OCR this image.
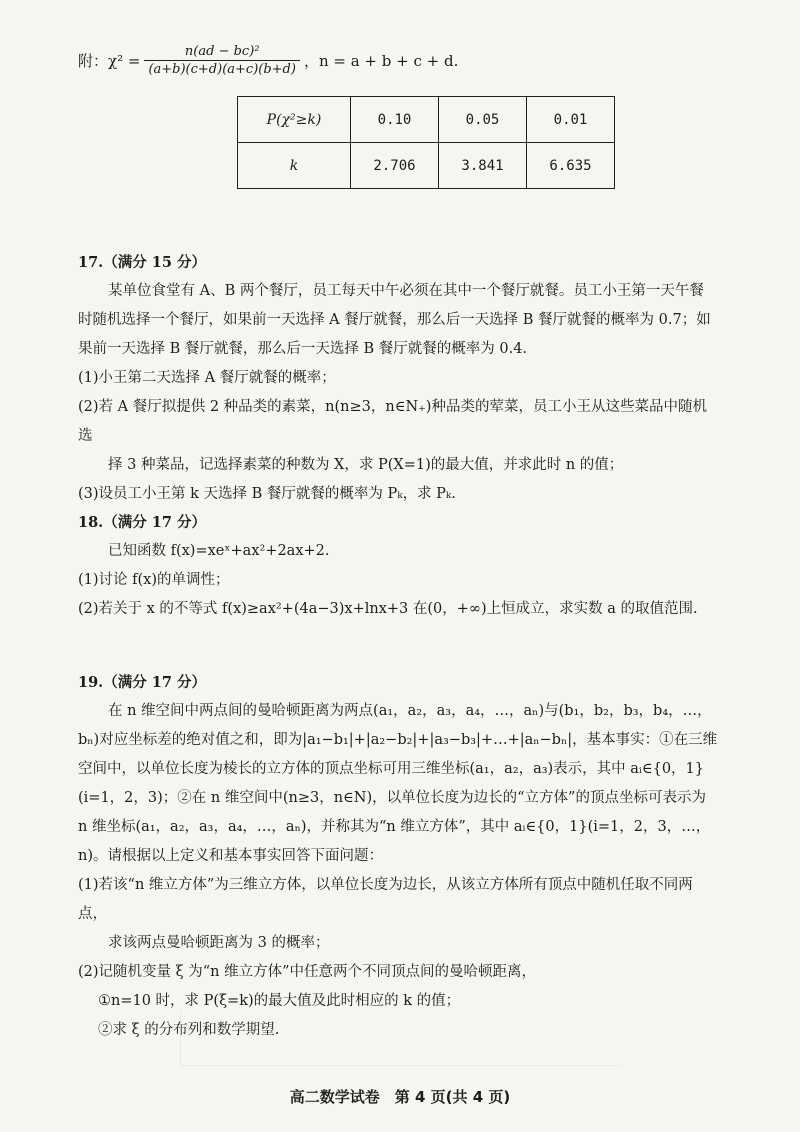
附：$\chi^2 = \frac{\text{n(ad − bc)²}}{(a+b)(c+d)(a+c)(b+d)}$ ，n = a + b + c + d.
P(χ²≥k)	0.10	0.05	0.01
k	2.706	3.841	6.635
17.（满分 15 分）
某单位食堂有 A、B 两个餐厅，员工每天中午必须在其中一个餐厅就餐。员工小王第一天午餐时随机选择一个餐厅，如果前一天选择 A 餐厅就餐，那么后一天选择 B 餐厅就餐的概率为 0.7；如果前一天选择 B 餐厅就餐，那么后一天选择 B 餐厅就餐的概率为 0.4.
(1)小王第二天选择 A 餐厅就餐的概率；
(2)若 A 餐厅拟提供 2 种品类的素菜，n(n≥3，n∈N₊)种品类的荤菜，员工小王从这些菜品中随机选
择 3 种菜品，记选择素菜的种数为 X，求 P(X=1)的最大值，并求此时 n 的值；
(3)设员工小王第 k 天选择 B 餐厅就餐的概率为 Pₖ，求 Pₖ.
18.（满分 17 分）
已知函数 f(x)=xeˣ+ax²+2ax+2.
(1)讨论 f(x)的单调性；
(2)若关于 x 的不等式 f(x)≥ax²+(4a−3)x+lnx+3 在(0，+∞)上恒成立，求实数 a 的取值范围.
19.（满分 17 分）
在 n 维空间中两点间的曼哈顿距离为两点(a₁，a₂，a₃，a₄，…，aₙ)与(b₁，b₂，b₃，b₄，…，bₙ)对应坐标差的绝对值之和，即为|a₁−b₁|+|a₂−b₂|+|a₃−b₃|+…+|aₙ−bₙ|，基本事实：①在三维空间中，以单位长度为棱长的立方体的顶点坐标可用三维坐标(a₁，a₂，a₃)表示，其中 aᵢ∈{0，1}(i=1，2，3)；②在 n 维空间中(n≥3，n∈N)，以单位长度为边长的“立方体”的顶点坐标可表示为 n 维坐标(a₁，a₂，a₃，a₄，…，aₙ)，并称其为“n 维立方体”，其中 aᵢ∈{0，1}(i=1，2，3，…，n)。请根据以上定义和基本事实回答下面问题：
(1)若该“n 维立方体”为三维立方体，以单位长度为边长，从该立方体所有顶点中随机任取不同两点，
求该两点曼哈顿距离为 3 的概率；
(2)记随机变量 ξ 为“n 维立方体”中任意两个不同顶点间的曼哈顿距离，
①n=10 时，求 P(ξ=k)的最大值及此时相应的 k 的值；
②求 ξ 的分布列和数学期望.
高二数学试卷　第 4 页(共 4 页)
